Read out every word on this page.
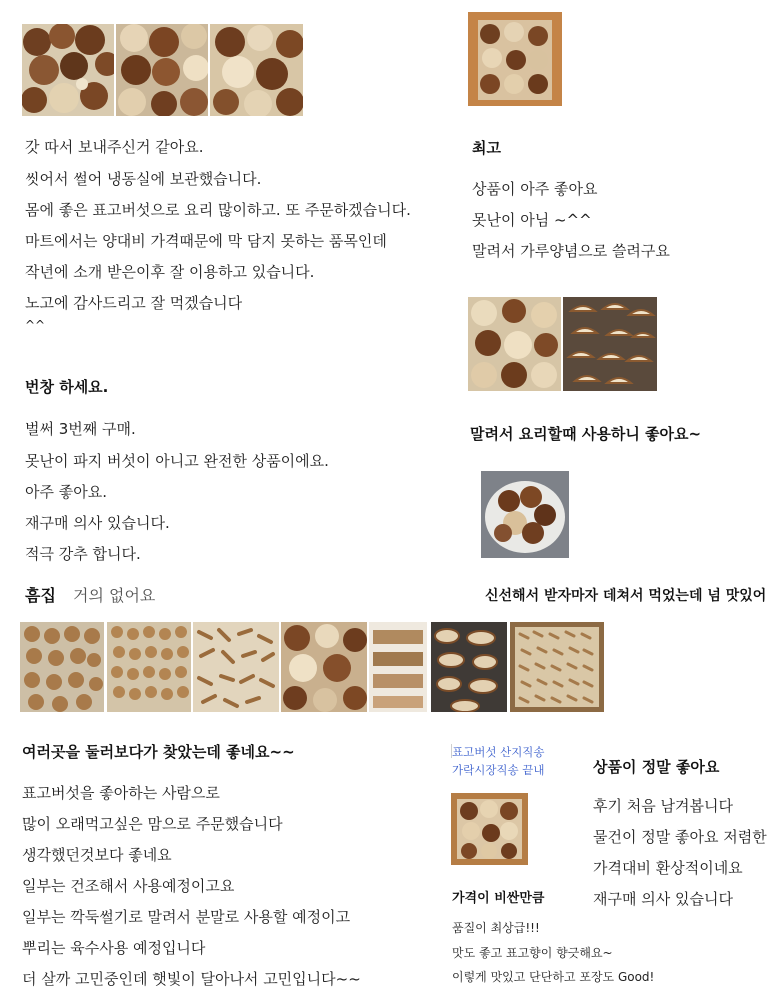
갓 따서 보내주신거 같아요.
씻어서 썰어 냉동실에 보관했습니다.
몸에 좋은 표고버섯으로 요리 많이하고. 또 주문하겠습니다.
마트에서는 양대비 가격때문에 막 담지 못하는 품목인데
작년에 소개 받은이후 잘 이용하고 있습니다.
노고에 감사드리고 잘 먹겠습니다
^^
번창 하세요.
벌써 3번째 구매.
못난이 파지 버섯이 아니고 완전한 상품이에요.
아주 좋아요.
재구매 의사 있습니다.
적극 강추 합니다.
흠집 거의 없어요
여러곳을 둘러보다가 찾았는데 좋네요~~
표고버섯을 좋아하는 사람으로
많이 오래먹고싶은 맘으로 주문했습니다
생각했던것보다 좋네요
일부는 건조해서 사용예정이고요
일부는 깍둑썰기로 말려서 분말로 사용할 예정이고
뿌리는 육수사용 예정입니다
더 살까 고민중인데 햇빛이 달아나서 고민입니다~~
최고
상품이 아주 좋아요
못난이 아님 ~^^
말려서 가루양념으로 쓸려구요
말려서 요리할때 사용하니 좋아요~
신선해서 받자마자 데쳐서 먹었는데 넘 맛있어
표고버섯 산지직송
가락시장직송 끝내
가격이 비싼만큼
품질이 최상급!!!
맛도 좋고 표고향이 향긋해요~
이렇게 맛있고 단단하고 포장도 Good!
상품이 정말 좋아요
후기 처음 남겨봅니다
물건이 정말 좋아요 저렴한
가격대비 환상적이네요
재구매 의사 있습니다
